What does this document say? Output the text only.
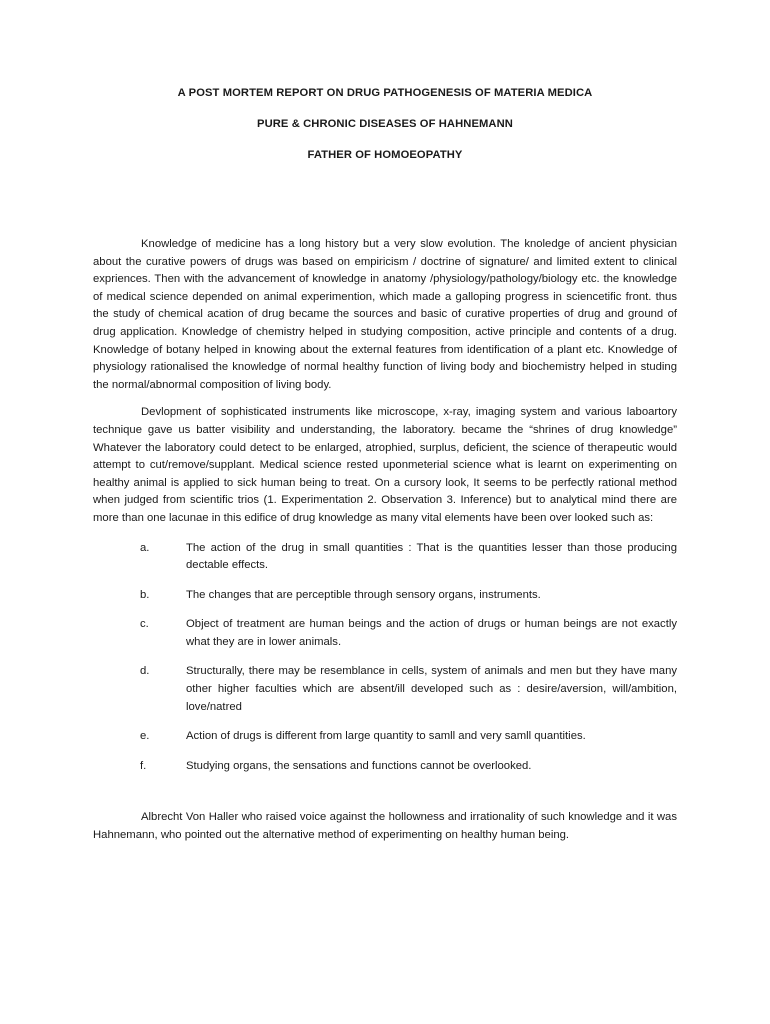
A POST MORTEM REPORT ON DRUG PATHOGENESIS OF MATERIA MEDICA
PURE & CHRONIC DISEASES OF HAHNEMANN
FATHER OF HOMOEOPATHY

Knowledge of medicine has a long history but a very slow evolution. The knoledge of ancient physician about the curative powers of drugs was based on empiricism / doctrine of signature/ and limited extent to clinical expriences. Then with the advancement of knowledge in anatomy /physiology/pathology/biology etc. the knowledge of medical science depended on animal experimention, which made a galloping progress in sciencetific front. thus the study of chemical acation of drug became the sources and basic of curative properties of drug and ground of drug application. Knowledge of chemistry helped in studying composition, active principle and contents of a drug. Knowledge of botany helped in knowing about the external features from identification of a plant etc. Knowledge of physiology rationalised the knowledge of normal healthy function of living body and biochemistry helped in studing the normal/abnormal composition of living body.

Devlopment of sophisticated instruments like microscope, x-ray, imaging system and various laboartory technique gave us batter visibility and understanding, the laboratory. became the “shrines of drug knowledge” Whatever the laboratory could detect to be enlarged, atrophied, surplus, deficient, the science of therapeutic would attempt to cut/remove/supplant. Medical science rested uponmeterial science what is learnt on experimenting on healthy animal is applied to sick human being to treat. On a cursory look, It seems to be perfectly rational method when judged from scientific trios (1. Experimentation 2. Observation 3. Inference) but to analytical mind there are more than one lacunae in this edifice of drug knowledge as many vital elements have been over looked such as:

a.	The action of the drug in small quantities : That is the quantities lesser than those producing dectable effects.
b.	The changes that are perceptible through sensory organs, instruments.
c.	Object of treatment are human beings and the action of drugs or human beings are not exactly what they are in lower animals.
d.	Structurally, there may be resemblance in cells, system of animals and men but they have many other higher faculties which are absent/ill developed such as : desire/aversion, will/ambition, love/natred
e.	Action of drugs is different from large quantity to samll and very samll quantities.
f.	Studying organs, the sensations and functions cannot be overlooked.

Albrecht Von Haller who raised voice against the hollowness and irrationality of such knowledge and it was Hahnemann, who pointed out the alternative method of experimenting on healthy human being.
